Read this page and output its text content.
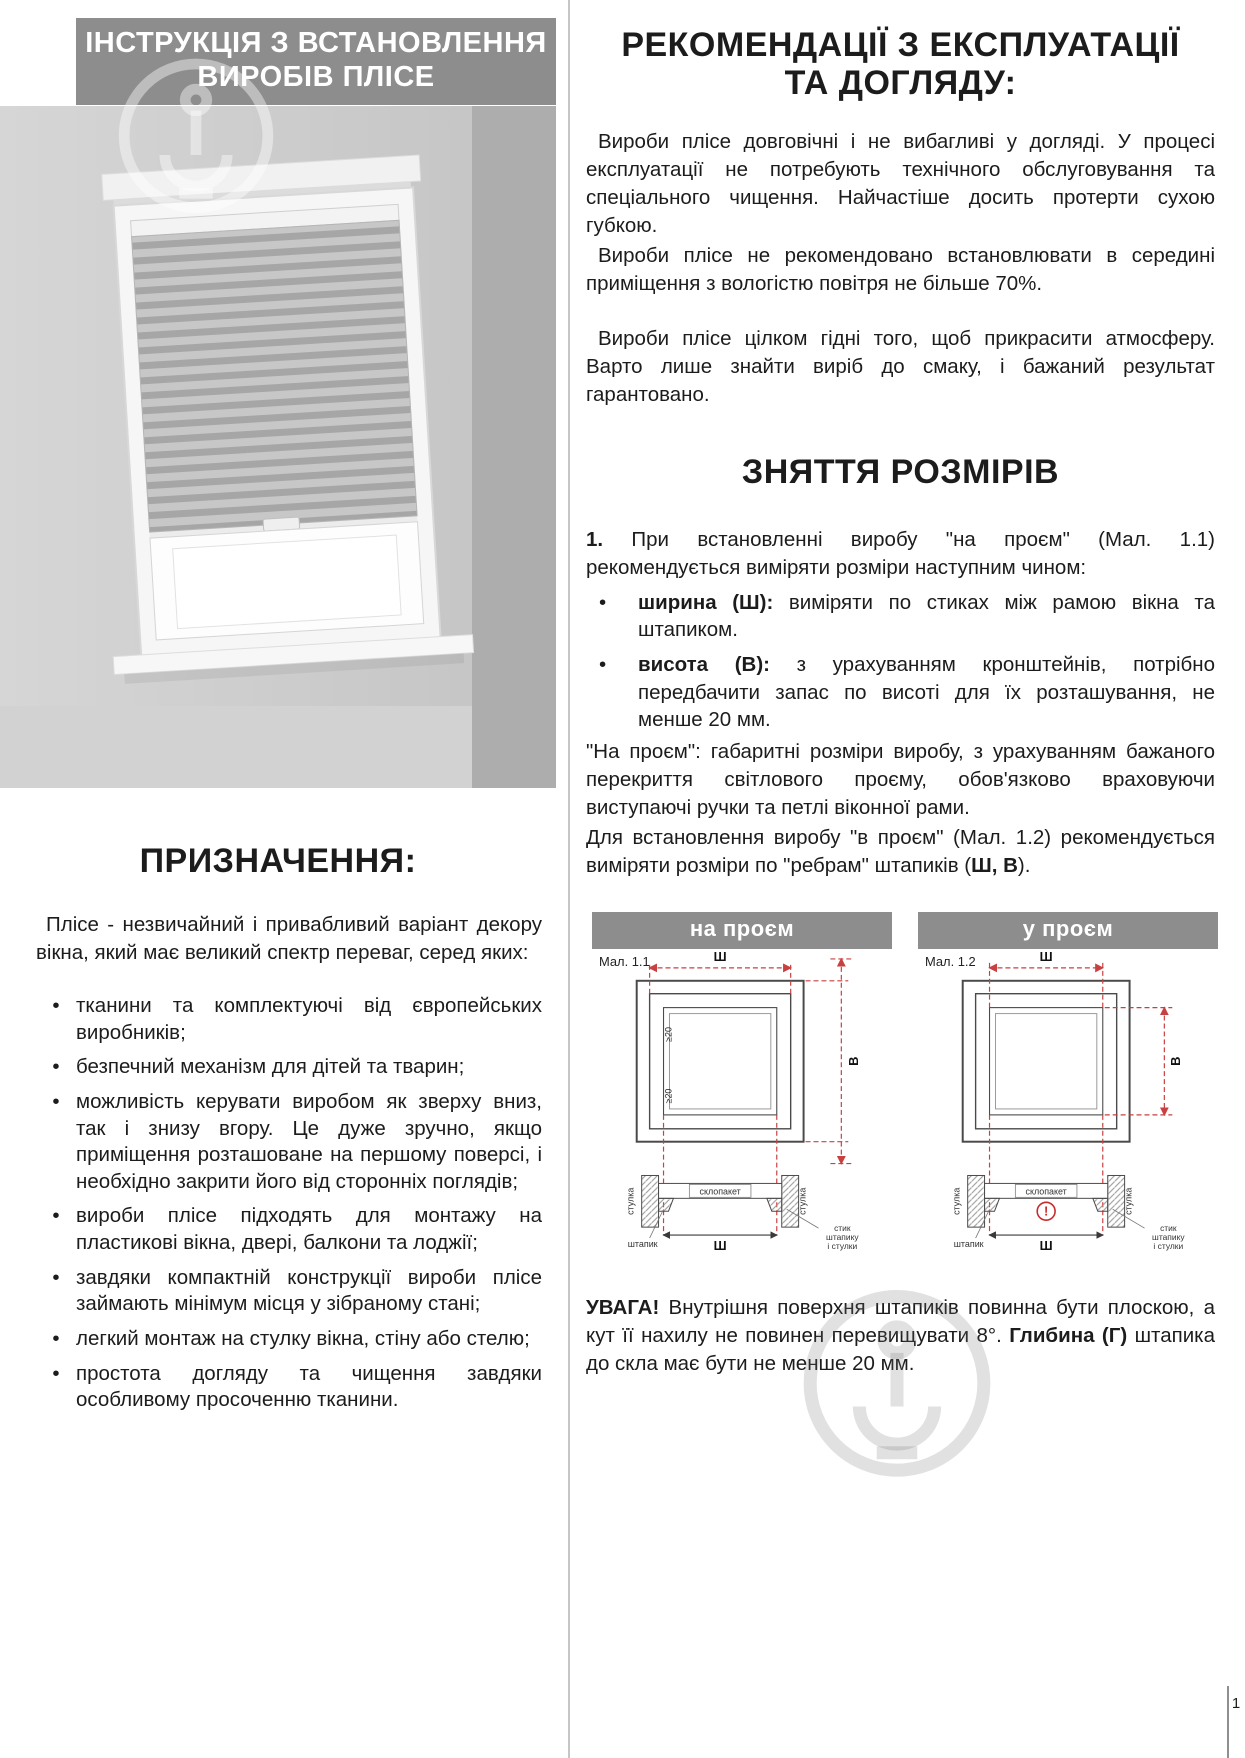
ІНСТРУКЦІЯ З ВСТАНОВЛЕННЯ
ВИРОБІВ ПЛІСЕ
ПРИЗНАЧЕННЯ:

Плісе - незвичайний і привабливий варіант декору вікна, який має великий спектр переваг, серед яких:

• тканини та комплектуючі від європейських виробників;
• безпечний механізм для дітей та тварин;
• можливість керувати виробом як зверху вниз, так і знизу вгору. Це дуже зручно, якщо приміщення розташоване на першому поверсі, і необхідно закрити його від сторонніх поглядів;
• вироби плісе підходять для монтажу на пластикові вікна, двері, балкони та лоджії;
• завдяки компактній конструкції вироби плісе займають мінімум місця у зібраному стані;
• легкий монтаж на стулку вікна, стіну або стелю;
• простота догляду та чищення завдяки особливому просоченню тканини.
РЕКОМЕНДАЦІЇ З ЕКСПЛУАТАЦІЇ
ТА ДОГЛЯДУ:

Вироби плісе довговічні і не вибагливі у догляді. У процесі експлуатації не потребують технічного обслуговування та спеціального чищення. Найчастіше досить протерти сухою губкою.

Вироби плісе не рекомендовано встановлювати в середині приміщення з вологістю повітря не більше 70%.

Вироби плісе цілком гідні того, щоб прикрасити атмосферу. Варто лише знайти виріб до смаку, і бажаний результат гарантовано.

ЗНЯТТЯ РОЗМІРІВ

1. При встановленні виробу "на проєм" (Мал. 1.1) рекомендується виміряти розміри наступним чином:

•	ширина (Ш): виміряти по стиках між рамою вікна та штапиком.
•	висота (В): з урахуванням кронштейнів, потрібно передбачити запас по висоті для їх розташування, не менше 20 мм.

"На проєм": габаритні розміри виробу, з урахуванням бажаного перекриття світлового проєму, обов'язково враховуючи виступаючі ручки та петлі віконної рами.

Для встановлення виробу "в проєм" (Мал. 1.2) рекомендується виміряти розміри по "ребрам" штапиків (Ш, В).

на проєм
Мал. 1.1	Ш
В
≥20
≥20
склопакет
стулка	стулка
штапик	Ш
стик
штапику
і стулки
у проєм
Мал. 1.2	Ш
В
склопакет
!
стулка	стулка
штапик	Ш
стик
штапику
і стулки

УВАГА! Внутрішня поверхня штапиків повинна бути плоскою, а кут її нахилу не повинен перевищувати 8°. Глибина (Г) штапика до скла має бути не менше 20 мм.

1
